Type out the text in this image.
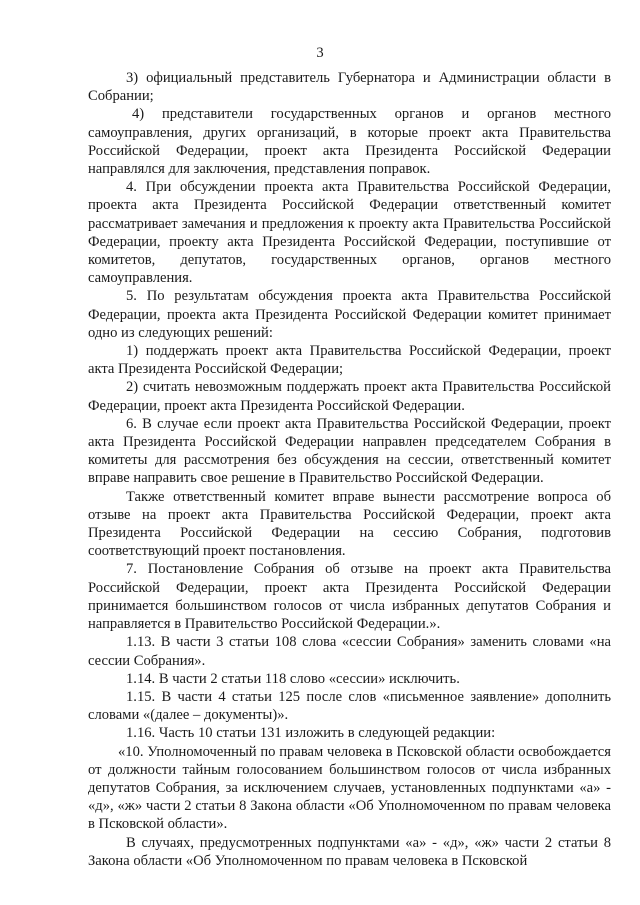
3

3) официальный представитель Губернатора и Администрации области в Собрании;

4) представители государственных органов и органов местного самоуправления, других организаций, в которые проект акта Правительства Российской Федерации, проект акта Президента Российской Федерации направлялся для заключения, представления поправок.

4. При обсуждении проекта акта Правительства Российской Федерации, проекта акта Президента Российской Федерации ответственный комитет рассматривает замечания и предложения к проекту акта Правительства Российской Федерации, проекту акта Президента Российской Федерации, поступившие от комитетов, депутатов, государственных органов, органов местного самоуправления.

5. По результатам обсуждения проекта акта Правительства Российской Федерации, проекта акта Президента Российской Федерации комитет принимает одно из следующих решений:

1) поддержать проект акта Правительства Российской Федерации, проект акта Президента Российской Федерации;

2) считать невозможным поддержать проект акта Правительства Российской Федерации, проект акта Президента Российской Федерации.

6. В случае если проект акта Правительства Российской Федерации, проект акта Президента Российской Федерации направлен председателем Собрания в комитеты для рассмотрения без обсуждения на сессии, ответственный комитет вправе направить свое решение в Правительство Российской Федерации.

Также ответственный комитет вправе вынести рассмотрение вопроса об отзыве на проект акта Правительства Российской Федерации, проект акта Президента Российской Федерации на сессию Собрания, подготовив соответствующий проект постановления.

7. Постановление Собрания об отзыве на проект акта Правительства Российской Федерации, проект акта Президента Российской Федерации принимается большинством голосов от числа избранных депутатов Собрания и направляется в Правительство Российской Федерации.».

1.13. В части 3 статьи 108 слова «сессии Собрания» заменить словами «на сессии Собрания».

1.14. В части 2 статьи 118 слово «сессии» исключить.

1.15. В части 4 статьи 125 после слов «письменное заявление» дополнить словами «(далее – документы)».

1.16. Часть 10 статьи 131 изложить в следующей редакции:

«10. Уполномоченный по правам человека в Псковской области освобождается от должности тайным голосованием большинством голосов от числа избранных депутатов Собрания, за исключением случаев, установленных подпунктами «а» - «д», «ж» части 2 статьи 8 Закона области «Об Уполномоченном по правам человека в Псковской области».

В случаях, предусмотренных подпунктами «а» - «д», «ж» части 2 статьи 8 Закона области «Об Уполномоченном по правам человека в Псковской
